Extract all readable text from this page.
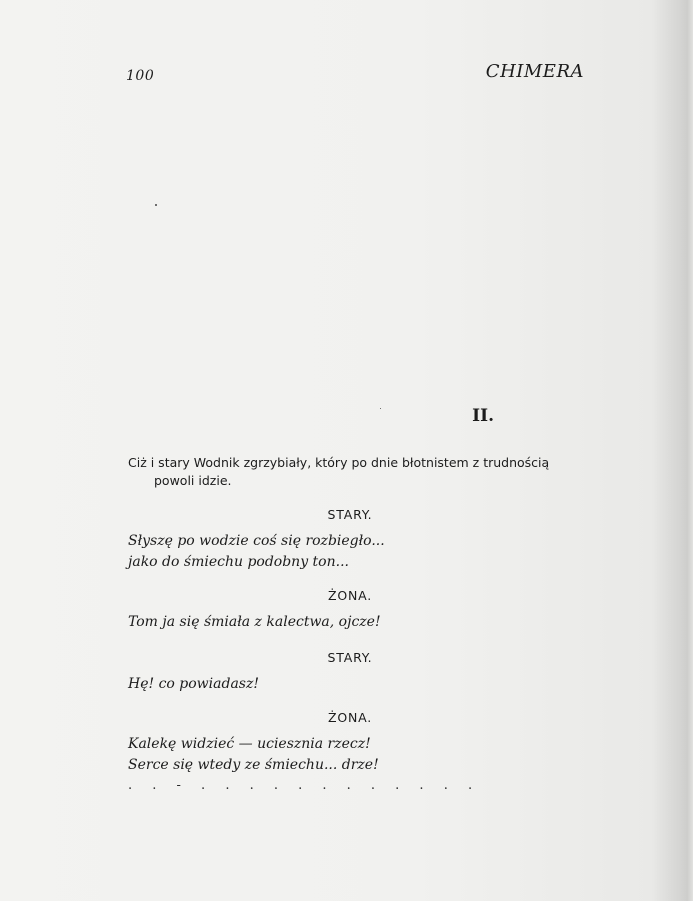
100	CHIMERA
II.
Ciż i stary Wodnik zgrzybiały, który po dnie błotnistem z trudnością
powoli idzie.
STARY.
Słyszę po wodzie coś się rozbiegło...
jako do śmiechu podobny ton...
ŻONA.
Tom ja się śmiała z kalectwa, ojcze!
STARY.
Hę! co powiadasz!
ŻONA.
Kalekę widzieć — uciesznia rzecz!
Serce się wtedy ze śmiechu... drze!
. . - . . . . . . . . . . . .
